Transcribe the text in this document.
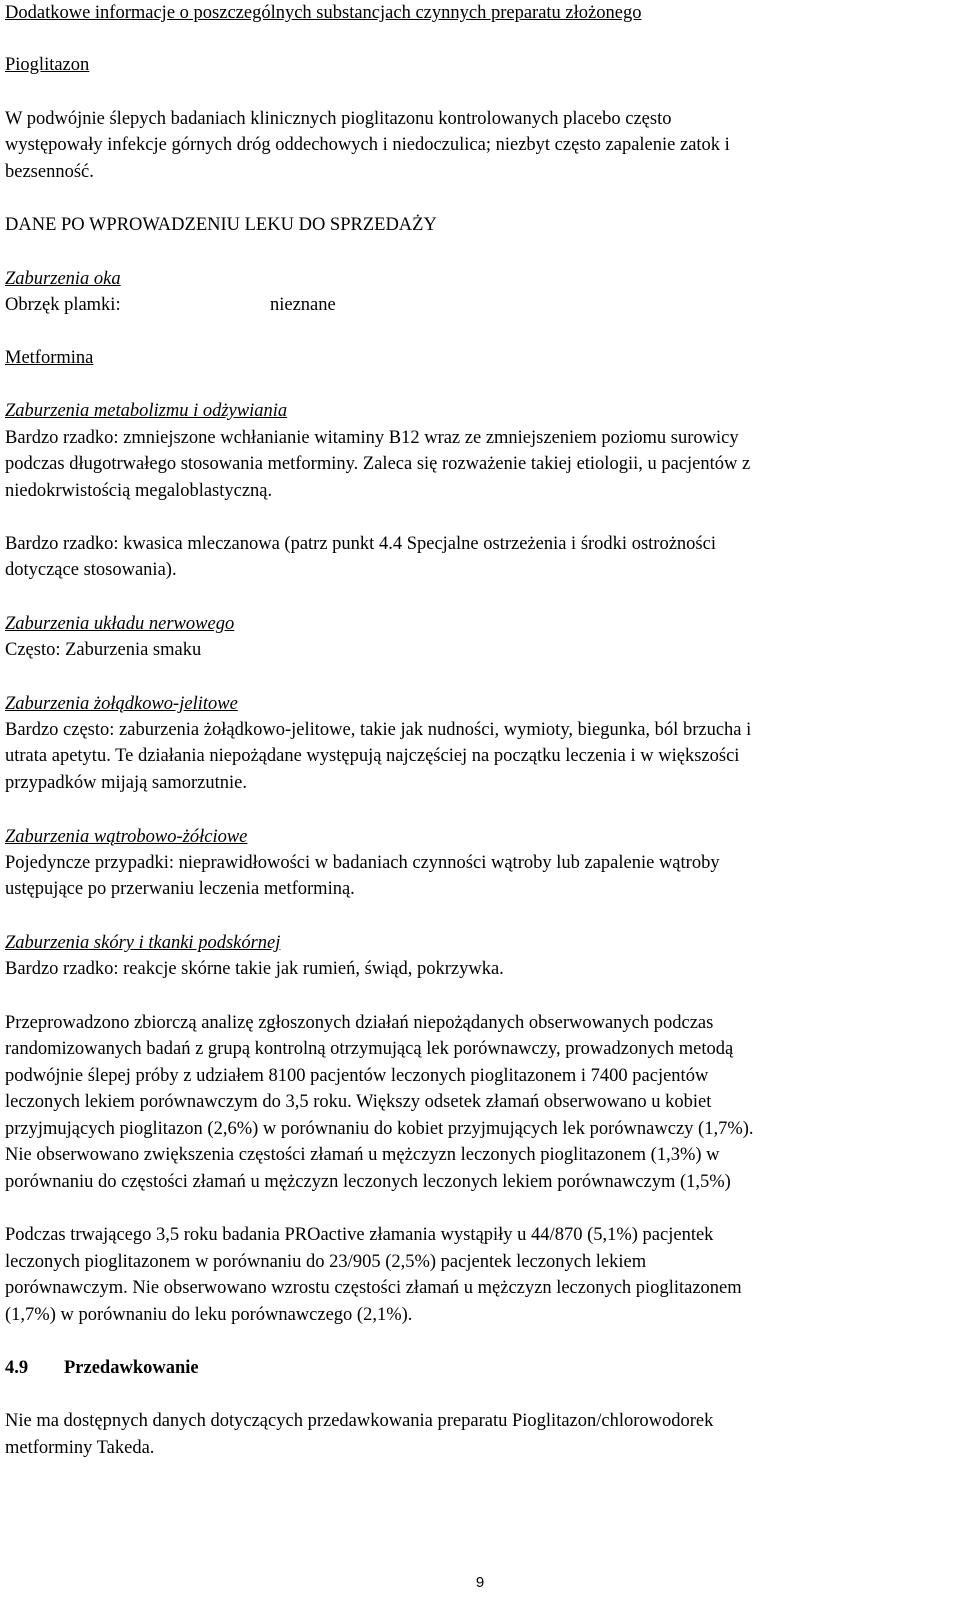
Dodatkowe informacje o poszczególnych substancjach czynnych preparatu złożonego
Pioglitazon
W podwójnie ślepych badaniach klinicznych pioglitazonu kontrolowanych placebo często
występowały infekcje górnych dróg oddechowych i niedoczulica; niezbyt często zapalenie zatok i
bezsenność.
DANE PO WPROWADZENIU LEKU DO SPRZEDAŻY
Zaburzenia oka
Obrzęk plamki:	nieznane
Metformina
Zaburzenia metabolizmu i odżywiania
Bardzo rzadko: zmniejszone wchłanianie witaminy B12 wraz ze zmniejszeniem poziomu surowicy
podczas długotrwałego stosowania metforminy. Zaleca się rozważenie takiej etiologii, u pacjentów z
niedokrwistością megaloblastyczną.
Bardzo rzadko: kwasica mleczanowa (patrz punkt 4.4 Specjalne ostrzeżenia i środki ostrożności
dotyczące stosowania).
Zaburzenia układu nerwowego
Często: Zaburzenia smaku
Zaburzenia żołądkowo-jelitowe
Bardzo często: zaburzenia żołądkowo-jelitowe, takie jak nudności, wymioty, biegunka, ból brzucha i
utrata apetytu. Te działania niepożądane występują najczęściej na początku leczenia i w większości
przypadków mijają samorzutnie.
Zaburzenia wątrobowo-żółciowe
Pojedyncze przypadki: nieprawidłowości w badaniach czynności wątroby lub zapalenie wątroby
ustępujące po przerwaniu leczenia metforminą.
Zaburzenia skóry i tkanki podskórnej
Bardzo rzadko: reakcje skórne takie jak rumień, świąd, pokrzywka.
Przeprowadzono zbiorczą analizę zgłoszonych działań niepożądanych obserwowanych podczas
randomizowanych badań z grupą kontrolną otrzymującą lek porównawczy, prowadzonych metodą
podwójnie ślepej próby z udziałem 8100 pacjentów leczonych pioglitazonem i 7400 pacjentów
leczonych lekiem porównawczym do 3,5 roku. Większy odsetek złamań obserwowano u kobiet
przyjmujących pioglitazon (2,6%) w porównaniu do kobiet przyjmujących lek porównawczy (1,7%).
Nie obserwowano zwiększenia częstości złamań u mężczyzn leczonych pioglitazonem (1,3%) w
porównaniu do częstości złamań u mężczyzn leczonych leczonych lekiem porównawczym (1,5%)
Podczas trwającego 3,5 roku badania PROactive złamania wystąpiły u 44/870 (5,1%) pacjentek
leczonych pioglitazonem w porównaniu do 23/905 (2,5%) pacjentek leczonych lekiem
porównawczym. Nie obserwowano wzrostu częstości złamań u mężczyzn leczonych pioglitazonem
(1,7%) w porównaniu do leku porównawczego (2,1%).
4.9 Przedawkowanie
Nie ma dostępnych danych dotyczących przedawkowania preparatu Pioglitazon/chlorowodorek
metforminy Takeda.
9
